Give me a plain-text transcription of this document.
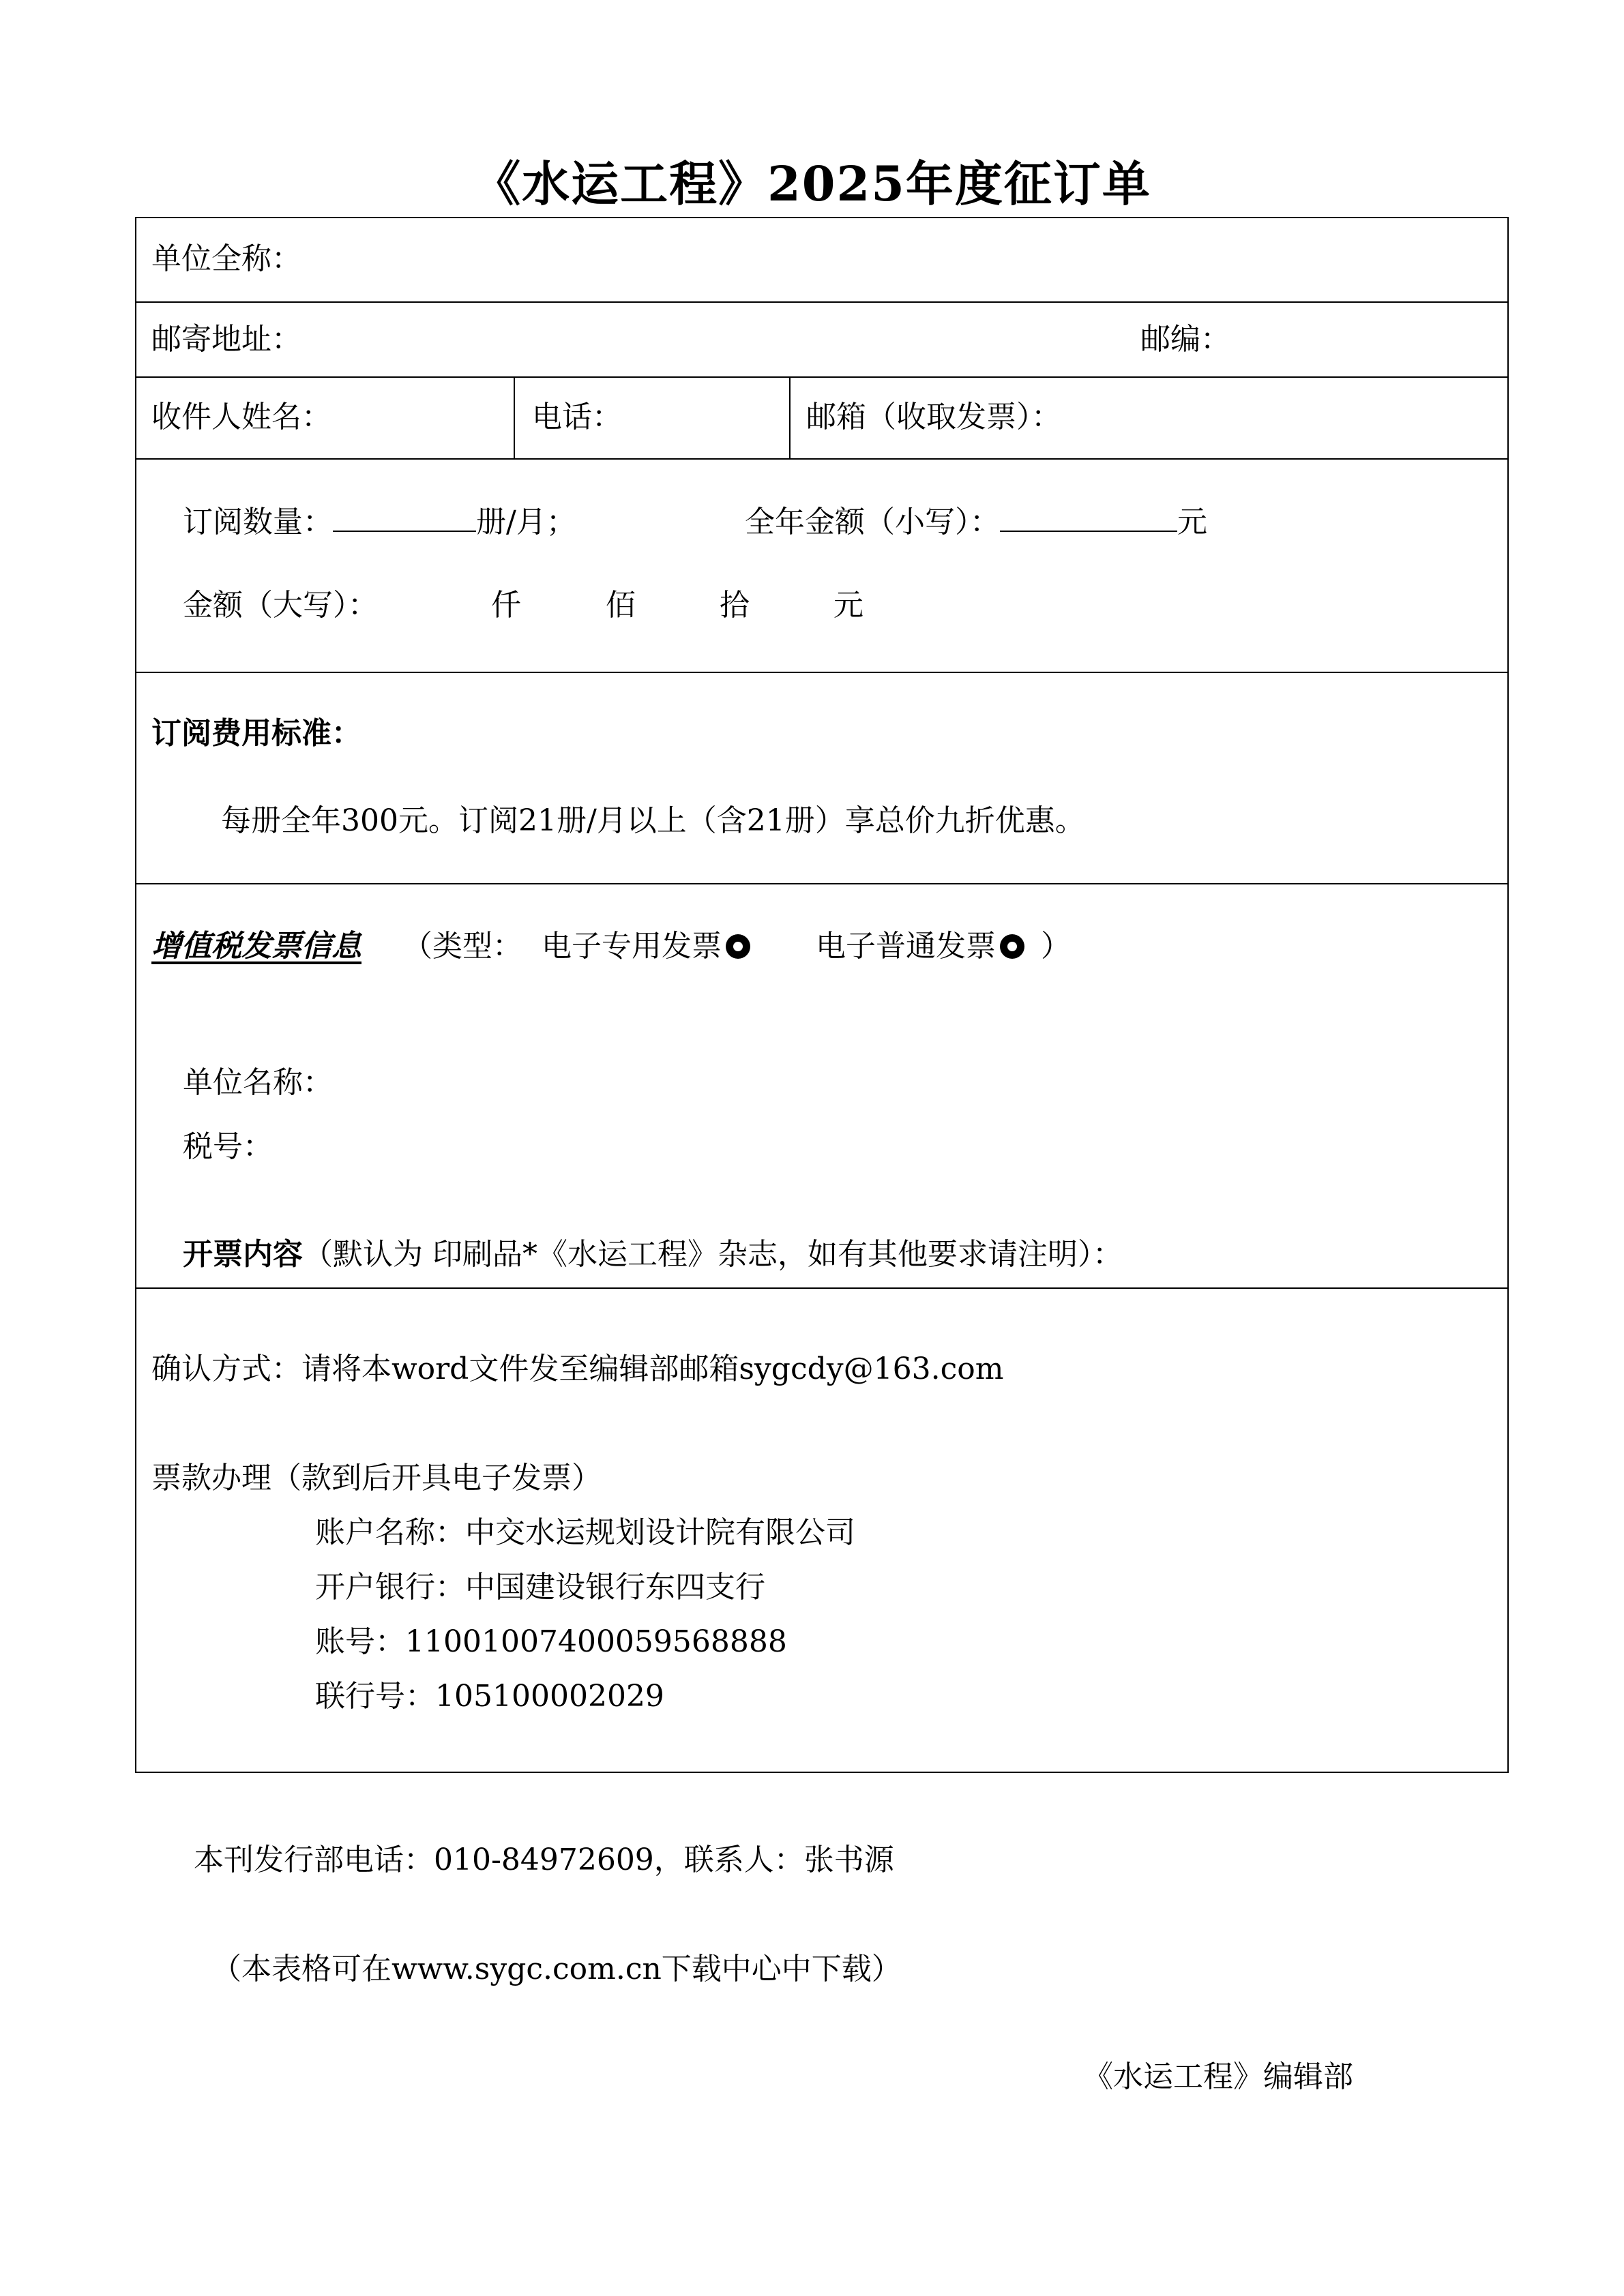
《水运工程》2025年度征订单
单位全称：
邮寄地址：	邮编：
收件人姓名：	电话：	邮箱（收取发票）：
订阅数量：	册/月；	全年金额（小写）：	元
金额（大写）：	仟	佰	拾	元
订阅费用标准：
每册全年300元。订阅21册/月以上（含21册）享总价九折优惠。
增值税发票信息 （类型： 电子专用发票	电子普通发票 ）
单位名称：
税号：
开票内容（默认为 印刷品*《水运工程》杂志，如有其他要求请注明）：
确认方式：请将本word文件发至编辑部邮箱sygcdy@163.com
票款办理（款到后开具电子发票）
账户名称：中交水运规划设计院有限公司
开户银行：中国建设银行东四支行
账号：11001007400059568888
联行号：105100002029
本刊发行部电话：010-84972609，联系人：张书源
（本表格可在www.sygc.com.cn下载中心中下载）
《水运工程》编辑部
